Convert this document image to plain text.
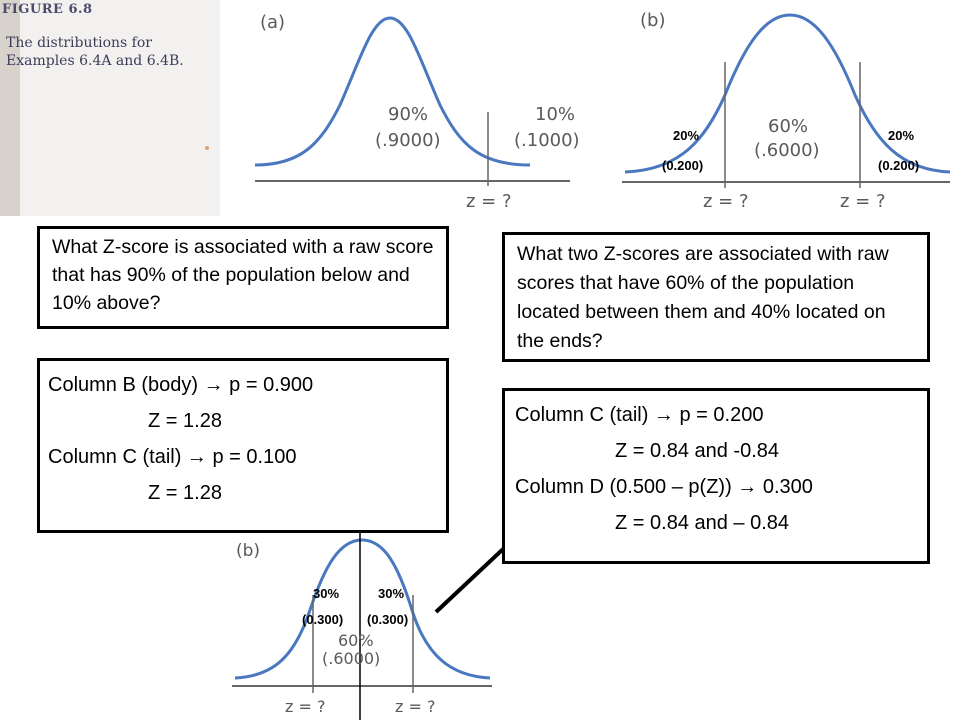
(a)
90%
(.9000)
10%
(.1000)
z = ?
(b)
60%
(.6000)
20%
(0.200)
20%
(0.200)
z = ?	z = ?
(b)
60%
(.6000)
30%
(0.300)
30%
(0.300)
z = ?	z = ?
FIGURE 6.8
The distributions for
Examples 6.4A and 6.4B.
What Z-score is associated with a raw score that has 90% of the population below and 10% above?
What two Z-scores are associated with raw scores that have 60% of the population located between them and 40% located on the ends?
Column B (body) → p = 0.900
Z = 1.28
Column C (tail) → p = 0.100
Z = 1.28
Column C (tail) → p = 0.200
Z = 0.84 and -0.84
Column D (0.500 – p(Z)) → 0.300
Z = 0.84 and – 0.84
